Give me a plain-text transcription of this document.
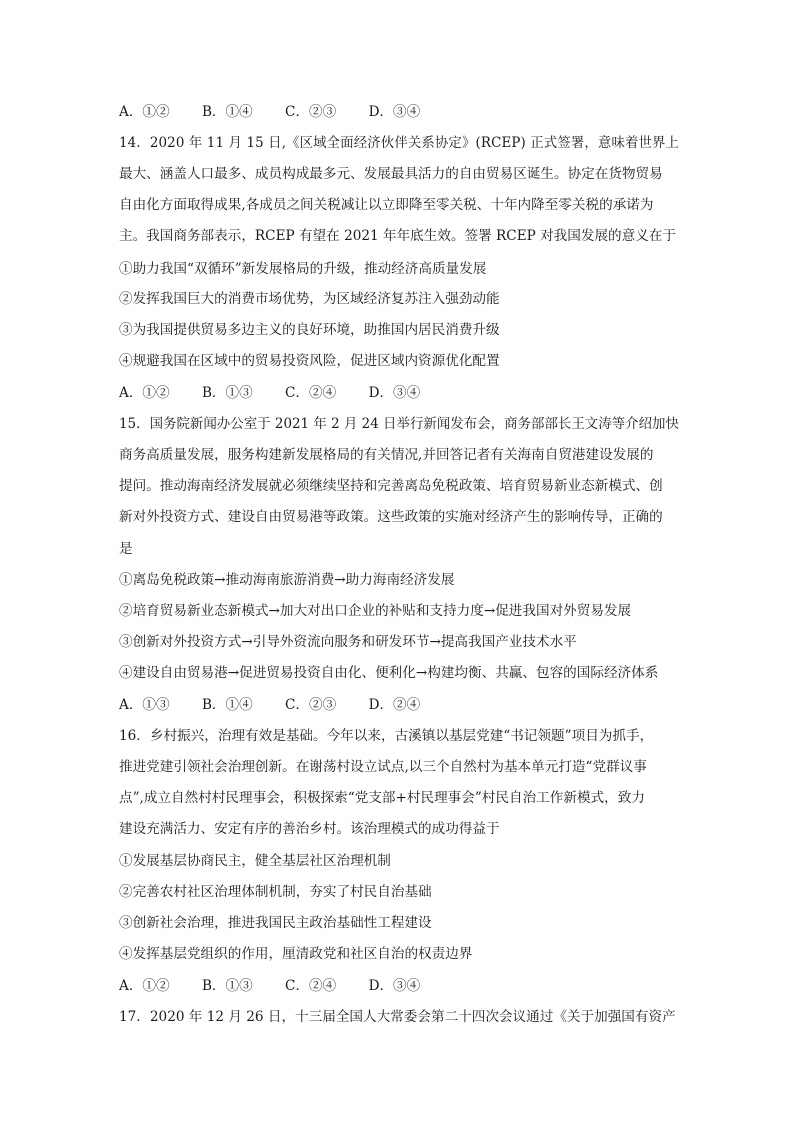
A．①② B．①④ C．②③ D．③④
14．2020 年 11 月 15 日,《区域全面经济伙伴关系协定》(RCEP) 正式签署，意味着世界上
最大、涵盖人口最多、成员构成最多元、发展最具活力的自由贸易区诞生。协定在货物贸易
自由化方面取得成果,各成员之间关税减让以立即降至零关税、十年内降至零关税的承诺为
主。我国商务部表示，RCEP 有望在 2021 年年底生效。签署 RCEP 对我国发展的意义在于
①助力我国“双循环”新发展格局的升级，推动经济高质量发展
②发挥我国巨大的消费市场优势，为区域经济复苏注入强劲动能
③为我国提供贸易多边主义的良好环境，助推国内居民消费升级
④规避我国在区域中的贸易投资风险，促进区域内资源优化配置
A．①② B．①③ C．②④ D．③④
15．国务院新闻办公室于 2021 年 2 月 24 日举行新闻发布会，商务部部长王文涛等介绍加快
商务高质量发展，服务构建新发展格局的有关情况,并回答记者有关海南自贸港建设发展的
提问。推动海南经济发展就必须继续坚持和完善离岛免税政策、培育贸易新业态新模式、创
新对外投资方式、建设自由贸易港等政策。这些政策的实施对经济产生的影响传导，正确的
是
①离岛免税政策→推动海南旅游消费→助力海南经济发展
②培育贸易新业态新模式→加大对出口企业的补贴和支持力度→促进我国对外贸易发展
③创新对外投资方式→引导外资流向服务和研发环节→提高我国产业技术水平
④建设自由贸易港→促进贸易投资自由化、便利化→构建均衡、共赢、包容的国际经济体系
A．①③ B．①④ C．②③ D．②④
16．乡村振兴，治理有效是基础。今年以来，古溪镇以基层党建“书记领题”项目为抓手，
推进党建引领社会治理创新。在谢荡村设立试点,以三个自然村为基本单元打造“党群议事
点”,成立自然村村民理事会，积极探索“党支部+村民理事会”村民自治工作新模式，致力
建设充满活力、安定有序的善治乡村。该治理模式的成功得益于
①发展基层协商民主，健全基层社区治理机制
②完善农村社区治理体制机制，夯实了村民自治基础
③创新社会治理，推进我国民主政治基础性工程建设
④发挥基层党组织的作用，厘清政党和社区自治的权责边界
A．①② B．①③ C．②④ D．③④
17．2020 年 12 月 26 日，十三届全国人大常委会第二十四次会议通过《关于加强国有资产
